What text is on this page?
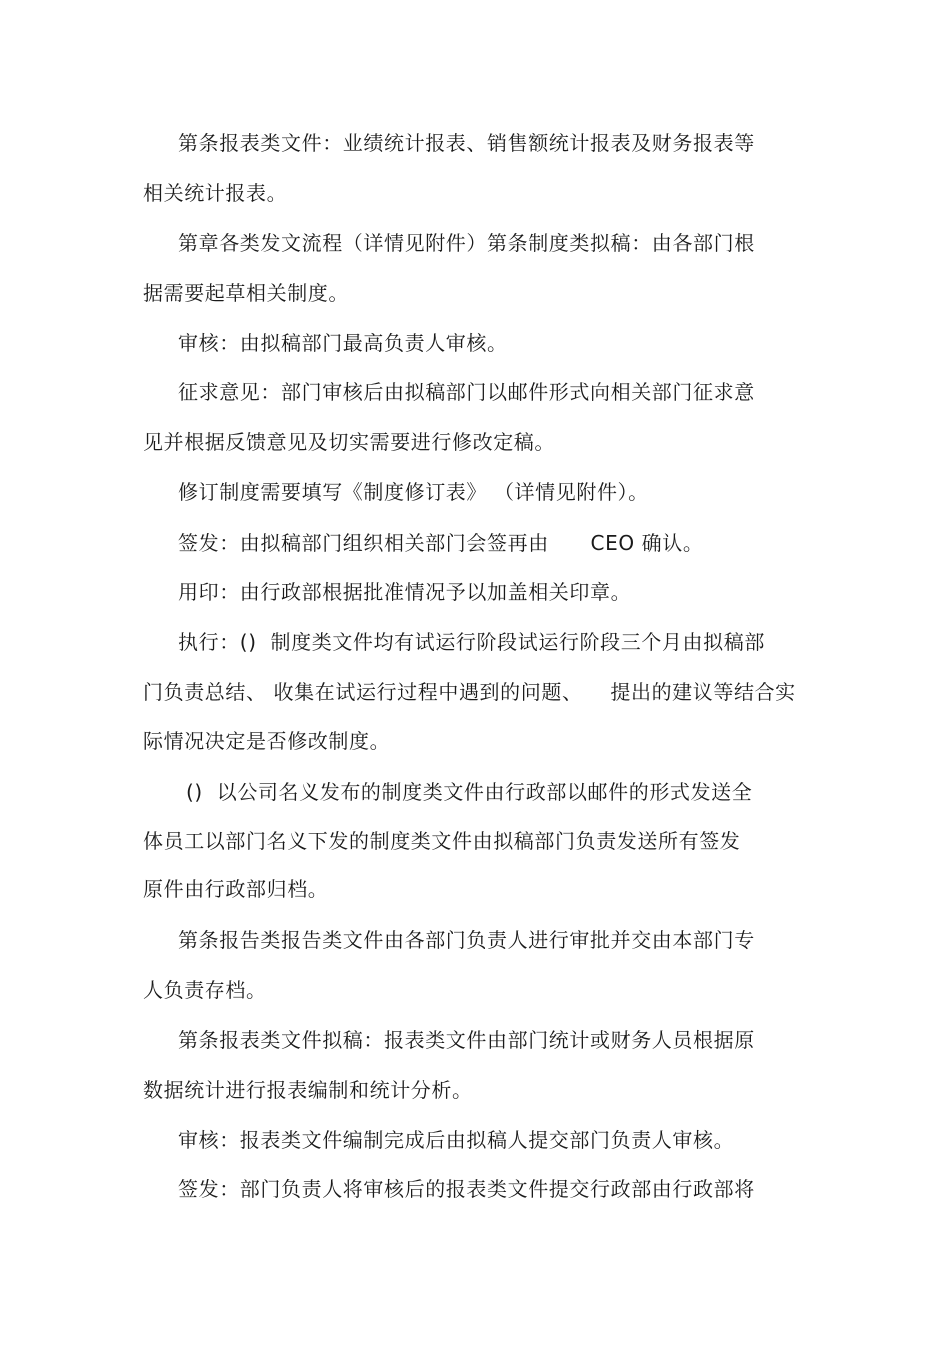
第条报表类文件：业绩统计报表、销售额统计报表及财务报表等
相关统计报表。
第章各类发文流程（详情见附件）第条制度类拟稿：由各部门根
据需要起草相关制度。
审核：由拟稿部门最高负责人审核。
征求意见：部门审核后由拟稿部门以邮件形式向相关部门征求意
见并根据反馈意见及切实需要进行修改定稿。
修订制度需要填写《制度修订表》 （详情见附件）。
签发：由拟稿部门组织相关部门会签再由      CEO 确认。
用印：由行政部根据批准情况予以加盖相关印章。
执行：()  制度类文件均有试运行阶段试运行阶段三个月由拟稿部
门负责总结、 收集在试运行过程中遇到的问题、    提出的建议等结合实
际情况决定是否修改制度。
()  以公司名义发布的制度类文件由行政部以邮件的形式发送全
体员工以部门名义下发的制度类文件由拟稿部门负责发送所有签发
原件由行政部归档。
第条报告类报告类文件由各部门负责人进行审批并交由本部门专
人负责存档。
第条报表类文件拟稿：报表类文件由部门统计或财务人员根据原
数据统计进行报表编制和统计分析。
审核：报表类文件编制完成后由拟稿人提交部门负责人审核。
签发：部门负责人将审核后的报表类文件提交行政部由行政部将
